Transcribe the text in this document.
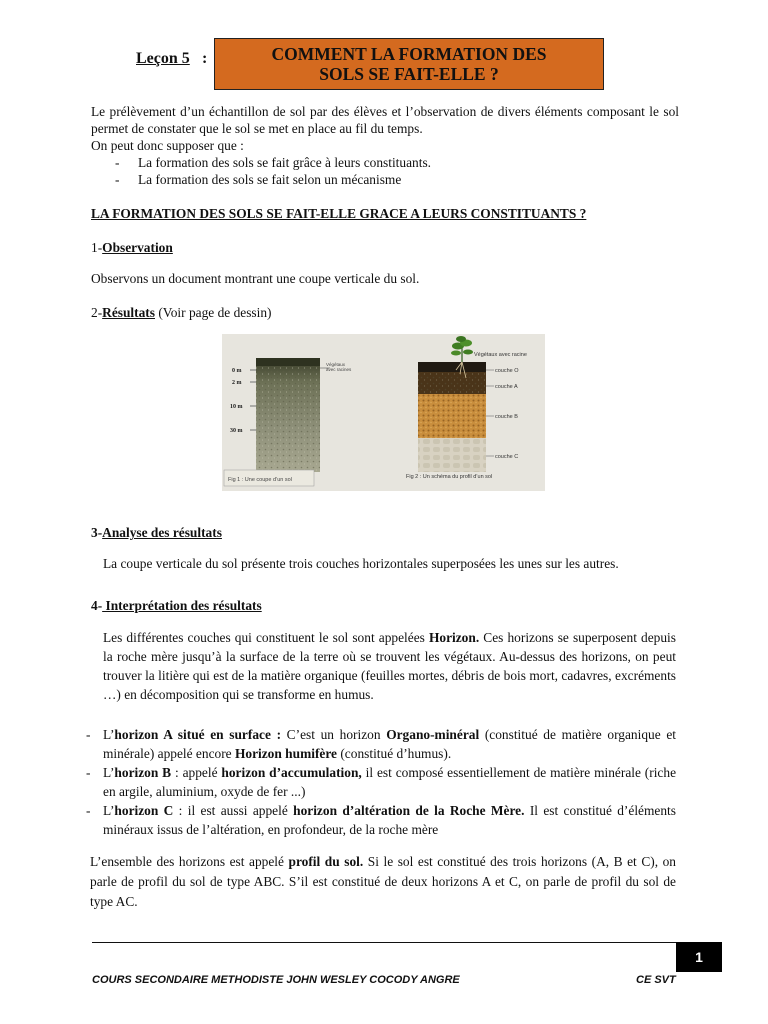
Leçon 5 :	COMMENT LA FORMATION DES
SOLS SE FAIT-ELLE ?

Le prélèvement d’un échantillon de sol par des élèves et l’observation de divers éléments composant le sol permet de constater que le sol se met en place au fil du temps.

On peut donc supposer que :

- La formation des sols se fait grâce à leurs constituants.
- La formation des sols se fait selon un mécanisme
LA FORMATION DES SOLS SE FAIT-ELLE GRACE A LEURS CONSTITUANTS ?
1-Observation
Observons un document montrant une coupe verticale du sol.
2-Résultats (Voir page de dessin)
0 m
2 m
10 m
30 m
Végétaux
avec racines
Fig 1 : Une coupe d’un sol
Végétaux avec racine
couche O
couche A
couche B
couche C
Fig 2 : Un schéma du profil d’un sol
3-Analyse des résultats
La coupe verticale du sol présente trois couches horizontales superposées les unes sur les autres.
4- Interprétation des résultats
Les différentes couches qui constituent le sol sont appelées Horizon. Ces horizons se superposent depuis la roche mère jusqu’à la surface de la terre où se trouvent les végétaux. Au-dessus des horizons, on peut trouver la litière qui est de la matière organique (feuilles mortes, débris de bois mort, cadavres, excréments …) en décomposition qui se transforme en humus.
- L’horizon A situé en surface : C’est un horizon Organo-minéral (constitué de matière organique et minérale) appelé encore Horizon humifère (constitué d’humus).
- L’horizon B : appelé horizon d’accumulation, il est composé essentiellement de matière minérale (riche en argile, aluminium, oxyde de fer ...)
- L’horizon C : il est aussi appelé horizon d’altération de la Roche Mère. Il est constitué d’éléments minéraux issus de l’altération, en profondeur, de la roche mère
L’ensemble des horizons est appelé profil du sol. Si le sol est constitué des trois horizons (A, B et C), on parle de profil du sol de type ABC. S’il est constitué de deux horizons A et C, on parle de profil du sol de type AC.
1
COURS SECONDAIRE METHODISTE JOHN WESLEY COCODY ANGRE	CE SVT
